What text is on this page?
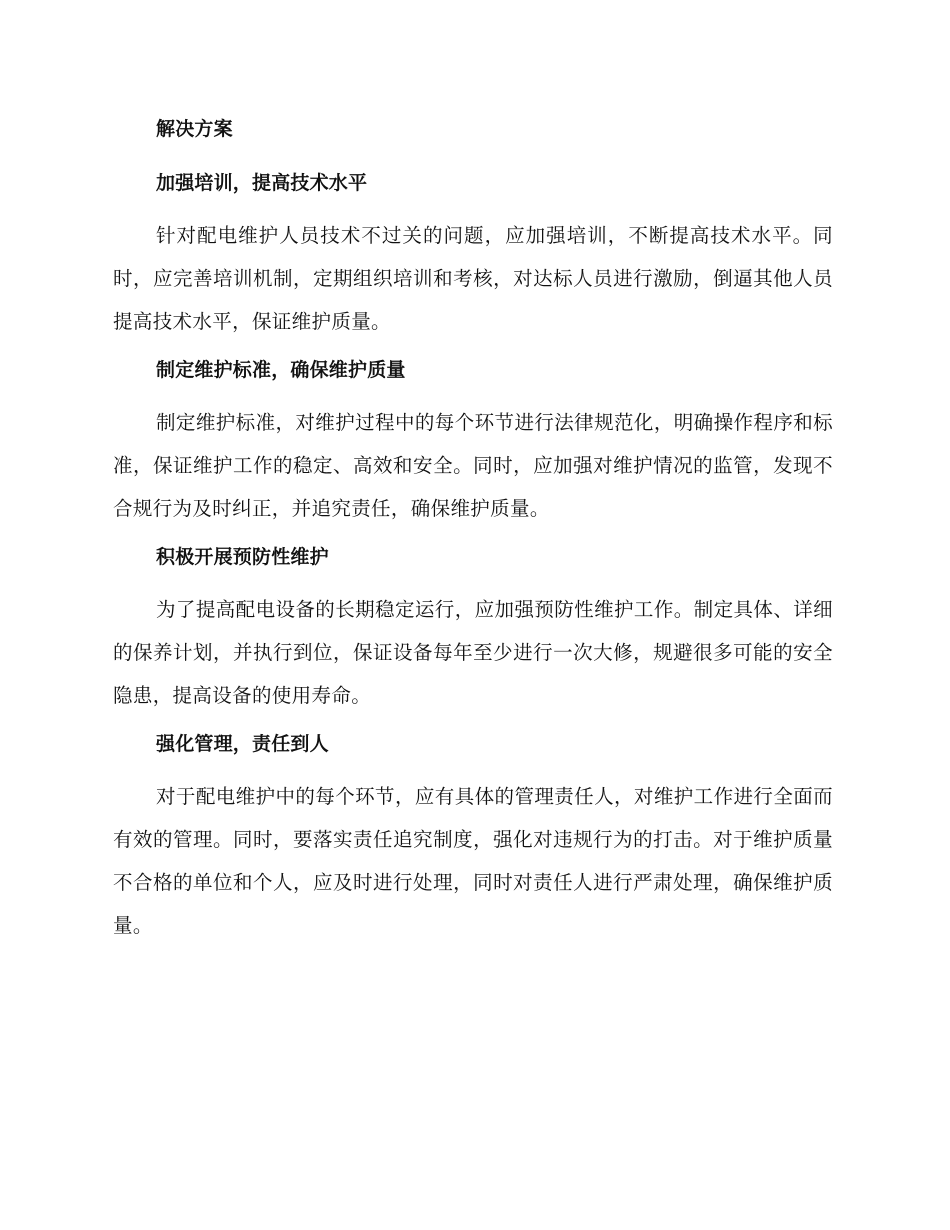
解决方案
加强培训，提高技术水平

针对配电维护人员技术不过关的问题，应加强培训，不断提高技术水平。同时，应完善培训机制，定期组织培训和考核，对达标人员进行激励，倒逼其他人员提高技术水平，保证维护质量。

制定维护标准，确保维护质量

制定维护标准，对维护过程中的每个环节进行法律规范化，明确操作程序和标准，保证维护工作的稳定、高效和安全。同时，应加强对维护情况的监管，发现不合规行为及时纠正，并追究责任，确保维护质量。

积极开展预防性维护

为了提高配电设备的长期稳定运行，应加强预防性维护工作。制定具体、详细的保养计划，并执行到位，保证设备每年至少进行一次大修，规避很多可能的安全隐患，提高设备的使用寿命。

强化管理，责任到人

对于配电维护中的每个环节，应有具体的管理责任人，对维护工作进行全面而有效的管理。同时，要落实责任追究制度，强化对违规行为的打击。对于维护质量不合格的单位和个人，应及时进行处理，同时对责任人进行严肃处理，确保维护质量。
